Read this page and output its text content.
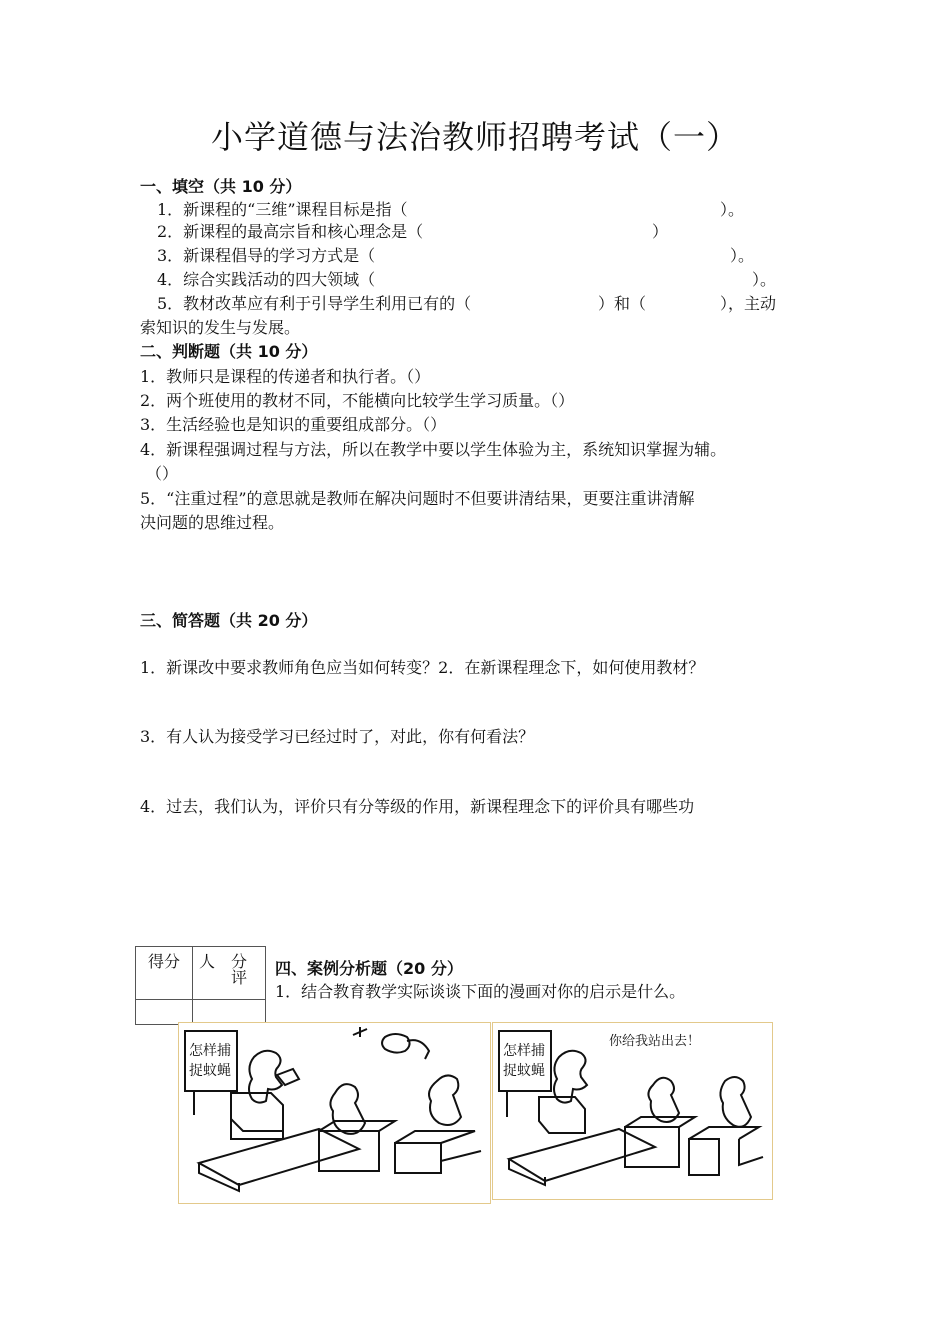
小学道德与法治教师招聘考试（一）
一、填空（共 10 分）
1．新课程的“三维”课程目标是指（	）。
2．新课程的最高宗旨和核心理念是（	）
3．新课程倡导的学习方式是（	）。
4．综合实践活动的四大领域（	）。
5．教材改革应有利于引导学生利用已有的（	）和（	），主动
索知识的发生与发展。
二、判断题（共 10 分）
1．教师只是课程的传递者和执行者。（）
2．两个班使用的教材不同，不能横向比较学生学习质量。（）
3．生活经验也是知识的重要组成部分。（）
4．新课程强调过程与方法，所以在教学中要以学生体验为主，系统知识掌握为辅。
（）
5．“注重过程”的意思就是教师在解决问题时不但要讲清结果，更要注重讲清解
决问题的思维过程。
三、简答题（共 20 分）
1．新课改中要求教师角色应当如何转变？2．在新课程理念下，如何使用教材？
3．有人认为接受学习已经过时了，对此，你有何看法？
4．过去，我们认为，评价只有分等级的作用，新课程理念下的评价具有哪些功
得分	人 分
评

	四、案例分析题（20 分）
1．结合教育教学实际谈谈下面的漫画对你的启示是什么。
怎样捕
捉蚊蝇
怎样捕
捉蚊蝇
你给我站出去！
